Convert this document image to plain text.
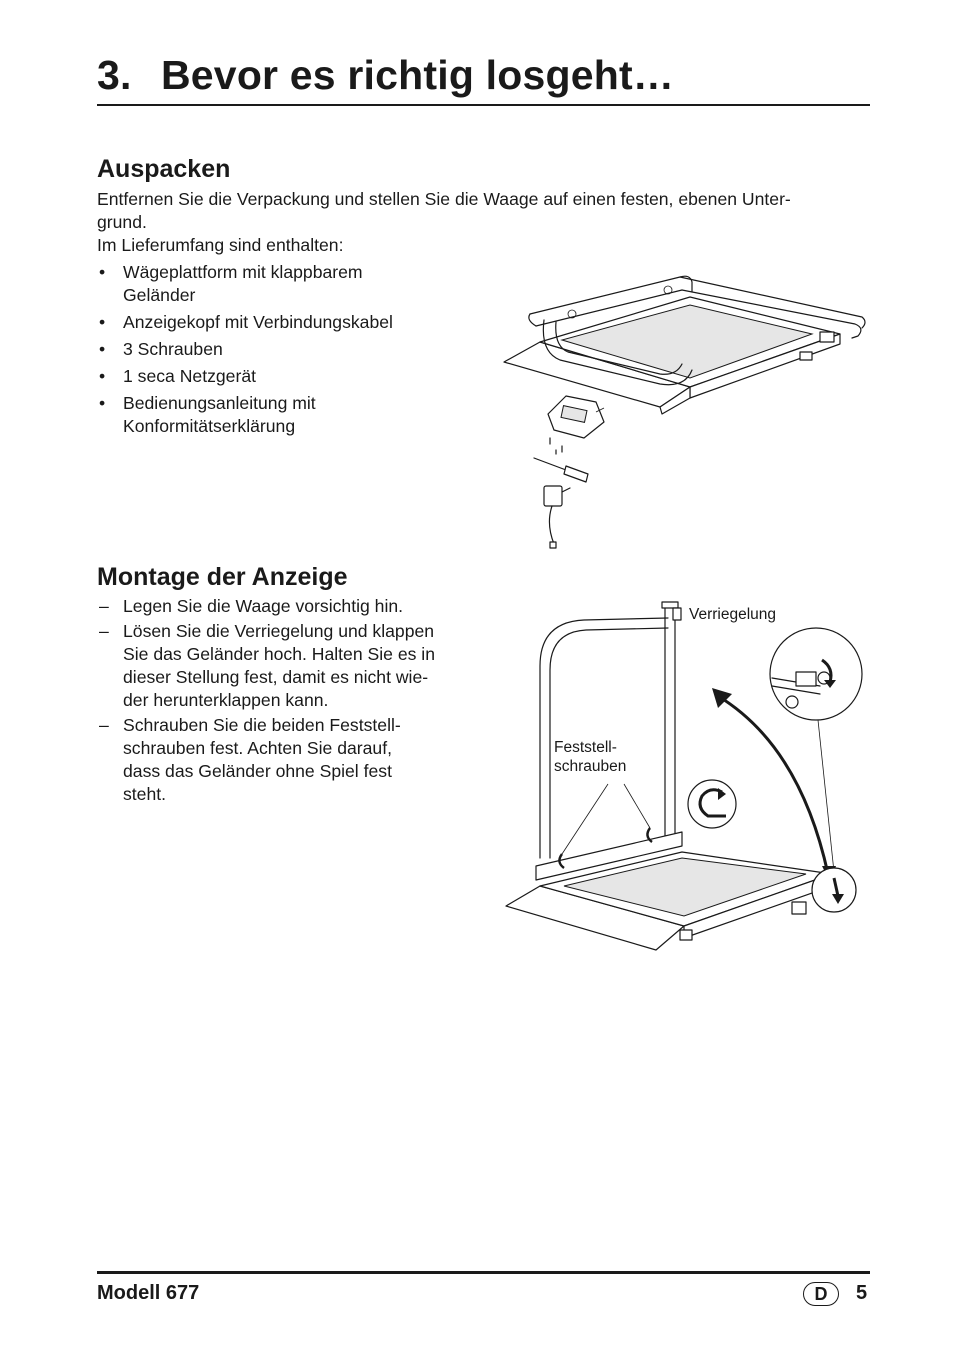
3. Bevor es richtig losgeht…
Auspacken
Entfernen Sie die Verpackung und stellen Sie die Waage auf einen festen, ebenen Unter-
grund.
Im Lieferumfang sind enthalten:
• Wägeplattform mit klappbarem
Geländer
• Anzeigekopf mit Verbindungskabel
• 3 Schrauben
• 1 seca Netzgerät
• Bedienungsanleitung mit
Konformitätserklärung
Montage der Anzeige
– Legen Sie die Waage vorsichtig hin.
– Lösen Sie die Verriegelung und klappen
Sie das Geländer hoch. Halten Sie es in
dieser Stellung fest, damit es nicht wie-
der herunterklappen kann.
– Schrauben Sie die beiden Feststell-
schrauben fest. Achten Sie darauf,
dass das Geländer ohne Spiel fest
steht.
Verriegelung
Feststell-
schrauben
Modell 677	D	5
